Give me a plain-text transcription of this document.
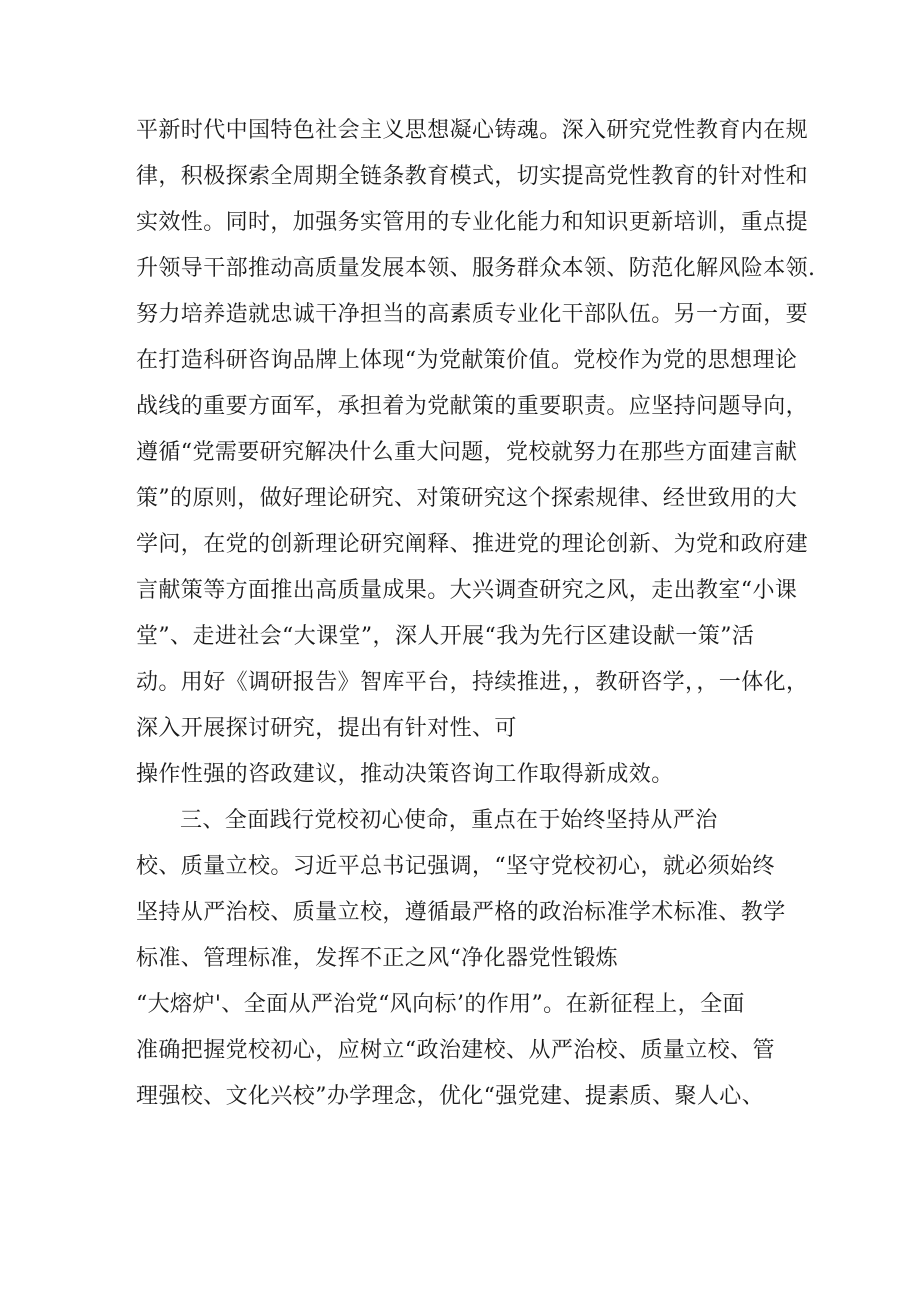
平新时代中国特色社会主义思想凝心铸魂。深入研究党性教育内在规
律，积极探索全周期全链条教育模式，切实提高党性教育的针对性和
实效性。同时，加强务实管用的专业化能力和知识更新培训，重点提
升领导干部推动高质量发展本领、服务群众本领、防范化解风险本领.
努力培养造就忠诚干净担当的高素质专业化干部队伍。另一方面，要
在打造科研咨询品牌上体现“为党献策价值。党校作为党的思想理论
战线的重要方面军，承担着为党献策的重要职责。应坚持问题导向，
遵循“党需要研究解决什么重大问题，党校就努力在那些方面建言献
策”的原则，做好理论研究、对策研究这个探索规律、经世致用的大
学问，在党的创新理论研究阐释、推进党的理论创新、为党和政府建
言献策等方面推出高质量成果。大兴调查研究之风，走出教室“小课
堂”、走进社会“大课堂”，深人开展“我为先行区建设献一策”活
动。用好《调研报告》智库平台，持续推进，，教研咨学，，一体化，
深入开展探讨研究，提出有针对性、可
操作性强的咨政建议，推动决策咨询工作取得新成效。
三、全面践行党校初心使命，重点在于始终坚持从严治
校、质量立校。习近平总书记强调，“坚守党校初心，就必须始终
坚持从严治校、质量立校，遵循最严格的政治标准学术标准、教学
标准、管理标准，发挥不正之风“净化器党性锻炼
“大熔炉'、全面从严治党“风向标’的作用”。在新征程上，全面
准确把握党校初心，应树立“政治建校、从严治校、质量立校、管
理强校、文化兴校”办学理念，优化“强党建、提素质、聚人心、
